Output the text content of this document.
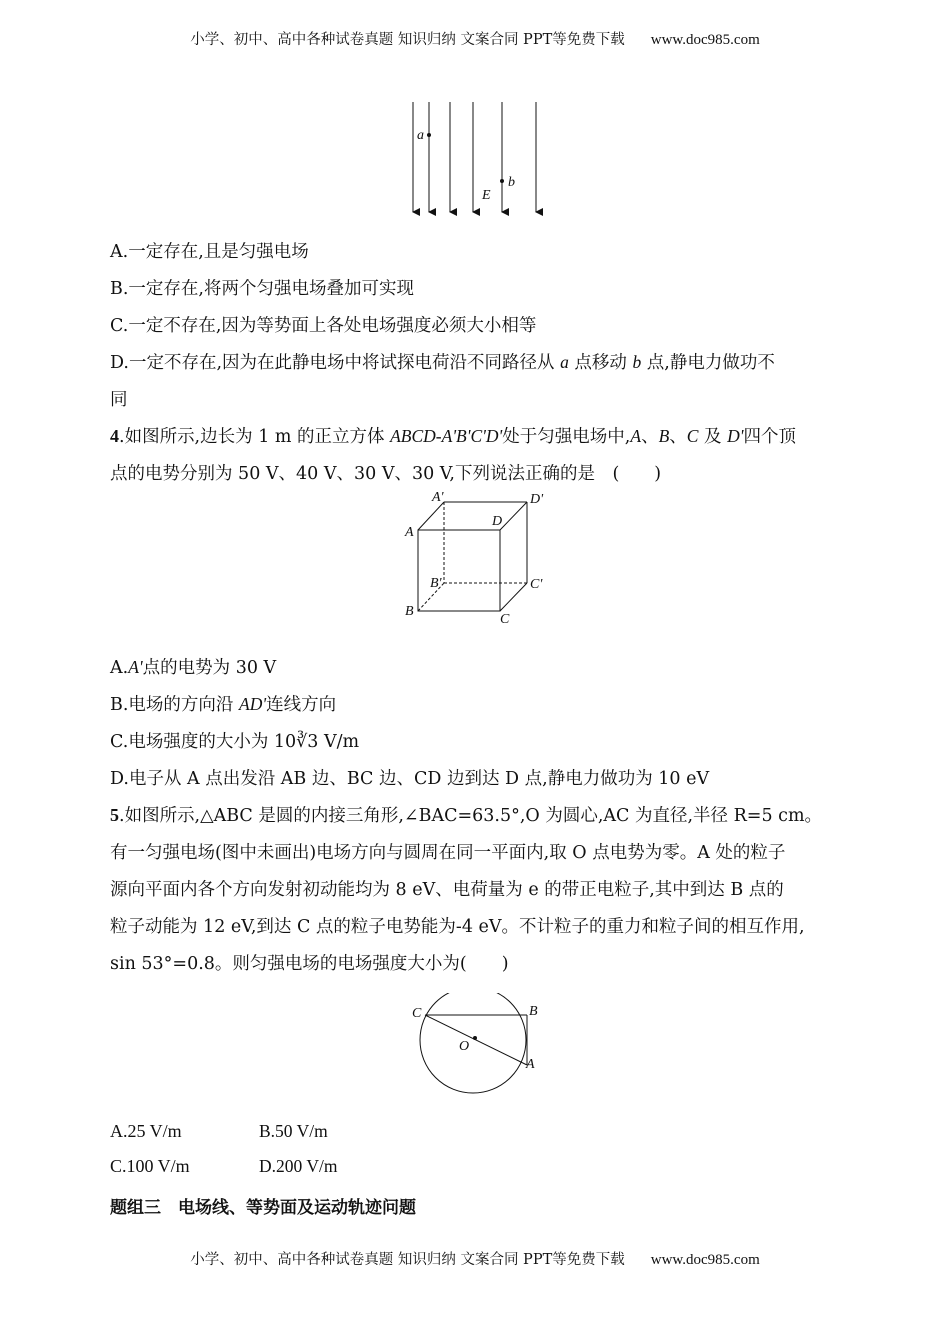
小学、初中、高中各种试卷真题 知识归纳 文案合同 PPT等免费下载 www.doc985.com
a
b
E
A.一定存在,且是匀强电场
B.一定存在,将两个匀强电场叠加可实现
C.一定不存在,因为等势面上各处电场强度必须大小相等
D.一定不存在,因为在此静电场中将试探电荷沿不同路径从 a 点移动 b 点,静电力做功不
同
4.如图所示,边长为 1 m 的正立方体 ABCD-A'B'C'D'处于匀强电场中,A、B、C 及 D'四个顶
点的电势分别为 50 V、40 V、30 V、30 V,下列说法正确的是　(　　)
A'	D'
A
D
B'	C'
B
C
A.A'点的电势为 30 V
B.电场的方向沿 AD'连线方向
C.电场强度的大小为 10∛3 V/m
D.电子从 A 点出发沿 AB 边、BC 边、CD 边到达 D 点,静电力做功为 10 eV
5.如图所示,△ABC 是圆的内接三角形,∠BAC=63.5°,O 为圆心,AC 为直径,半径 R=5 cm。
有一匀强电场(图中未画出)电场方向与圆周在同一平面内,取 O 点电势为零。A 处的粒子
源向平面内各个方向发射初动能均为 8 eV、电荷量为 e 的带正电粒子,其中到达 B 点的
粒子动能为 12 eV,到达 C 点的粒子电势能为-4 eV。不计粒子的重力和粒子间的相互作用,
sin 53°=0.8。则匀强电场的电场强度大小为(　　)
C	B
O
A
A.25 V/m	B.50 V/m
C.100 V/m	D.200 V/m
题组三　电场线、等势面及运动轨迹问题
小学、初中、高中各种试卷真题 知识归纳 文案合同 PPT等免费下载 www.doc985.com
